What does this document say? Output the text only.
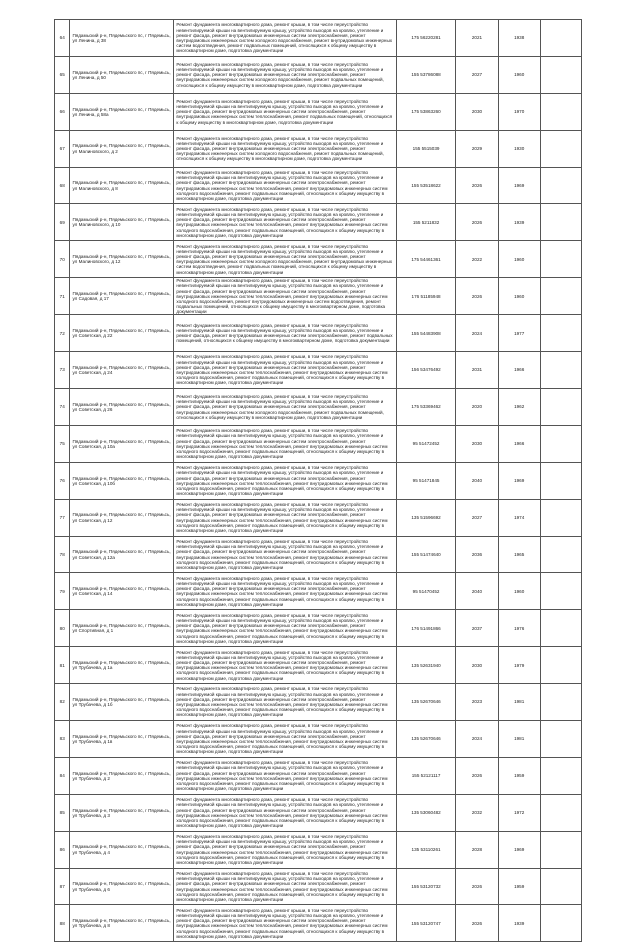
64	Пядамьский р-н, Пядемьского пс, г Пядемьсь, ул Ленина, д 38	Ремонт фундамента многоквартирного дома, ремонт крыши, в том числе переустройство невентилируемой крыши на вентилируемую крышу, устройство выходов на кровлю, утепление и ремонт фасада, ремонт внутридомовых инженерных систем электроснабжения, ремонт внутридомовых инженерных систем холодного водоснабжения, ремонт внутридомовых инженерных систем водоотведения, ремонт подвальных помещений, относящихся к общему имуществу в многоквартирном доме, подготовка документации	175 56220281	2021	1938	
65	Пядамьский р-н, Пядемьского пс, г Пядемьсь, ул Ленина, д 50	Ремонт фундамента многоквартирного дома, ремонт крыши, в том числе переустройство невентилируемой крыши на вентилируемую крышу, устройство выходов на кровлю, утепление и ремонт фасада, ремонт внутридомовых инженерных систем электроснабжения, ремонт внутридомовых инженерных систем холодного водоснабжения, ремонт подвальных помещений, относящихся к общему имуществу в многоквартирном доме, подготовка документации	155 53786088	2027	1960	
66	Пядамьский р-н, Пядемьского пс, г Пядемьсь, ул Ленина, д 58а	Ремонт фундамента многоквартирного дома, ремонт крыши, в том числе переустройство невентилируемой крыши на вентилируемую крышу, устройство выходов на кровлю, утепление и ремонт фасада, ремонт внутридомовых инженерных систем электроснабжения, ремонт внутридомовых инженерных систем теплоснабжения, ремонт подвальных помещений, относящихся к общему имуществу в многоквартирном доме, подготовка документации	175 53863260	2030	1970	
67	Пядамьский р-н, Пядемьского пс, г Пядемьсь, ул Малиновского, д 2	Ремонт фундамента многоквартирного дома, ремонт крыши, в том числе переустройство невентилируемой крыши на вентилируемую крышу, устройство выходов на кровлю, утепление и ремонт фасада, ремонт внутридомовых инженерных систем электроснабжения, ремонт внутридомовых инженерных систем холодного водоснабжения, ремонт подвальных помещений, относящихся к общему имуществу в многоквартирном доме, подготовка документации	155 5515039	2029	1930	
68	Пядамьский р-н, Пядемьского пс, г Пядемьсь, ул Малиновского, д 8	Ремонт фундамента многоквартирного дома, ремонт крыши, в том числе переустройство невентилируемой крыши на вентилируемую крышу, устройство выходов на кровлю, утепление и ремонт фасада, ремонт внутридомовых инженерных систем электроснабжения, ремонт внутридомовых инженерных систем теплоснабжения, ремонт внутридомовых инженерных систем холодного водоснабжения, ремонт подвальных помещений, относящихся к общему имуществу в многоквартирном доме, подготовка документации	155 53518622	2026	1969	
69	Пядамьский р-н, Пядемьского пс, г Пядемьсь, ул Малиновского, д 10	Ремонт фундамента многоквартирного дома, ремонт крыши, в том числе переустройство невентилируемой крыши на вентилируемую крышу, устройство выходов на кровлю, утепление и ремонт фасада, ремонт внутридомовых инженерных систем электроснабжения, ремонт внутридомовых инженерных систем теплоснабжения, ремонт внутридомовых инженерных систем холодного водоснабжения, ремонт подвальных помещений, относящихся к общему имуществу в многоквартирном доме, подготовка документации	155 5211832	2026	1939	
70	Пядамьский р-н, Пядемьского пс, г Пядемьсь, ул Малиновского, д 12	Ремонт фундамента многоквартирного дома, ремонт крыши, в том числе переустройство невентилируемой крыши на вентилируемую крышу, устройство выходов на кровлю, утепление и ремонт фасада, ремонт внутридомовых инженерных систем электроснабжения, ремонт внутридомовых инженерных систем холодного водоснабжения, ремонт внутридомовых инженерных систем водоотведения, ремонт подвальных помещений, относящихся к общему имуществу в многоквартирном доме, подготовка документации	175 54461361	2022	1960	
71	Пядамьский р-н, Пядемьского пс, г Пядемьсь, ул Садовая, д 17	Ремонт фундамента многоквартирного дома, ремонт крыши, в том числе переустройство невентилируемой крыши на вентилируемую крышу, устройство выходов на кровлю, утепление и ремонт фасада, ремонт внутридомовых инженерных систем электроснабжения, ремонт внутридомовых инженерных систем теплоснабжения, ремонт внутридомовых инженерных систем холодного водоснабжения, ремонт внутридомовых инженерных систем водоотведения, ремонт подвальных помещений, относящихся к общему имуществу в многоквартирном доме, подготовка документации	176 51185948	2026	1960	
72	Пядамьский р-н, Пядемьского пс, г Пядемьсь, ул Советская, д 22	Ремонт фундамента многоквартирного дома, ремонт крыши, в том числе переустройство невентилируемой крыши на вентилируемую крышу, устройство выходов на кровлю, утепление и ремонт фасада, ремонт внутридомовых инженерных систем электроснабжения, ремонт подвальных помещений, относящихся к общему имуществу в многоквартирном доме, подготовка документации	155 54483908	2024	1977	
73	Пядамьский р-н, Пядемьского пс, г Пядемьсь, ул Советская, д 24	Ремонт фундамента многоквартирного дома, ремонт крыши, в том числе переустройство невентилируемой крыши на вентилируемую крышу, устройство выходов на кровлю, утепление и ремонт фасада, ремонт внутридомовых инженерных систем электроснабжения, ремонт внутридомовых инженерных систем теплоснабжения, ремонт внутридомовых инженерных систем холодного водоснабжения, ремонт подвальных помещений, относящихся к общему имуществу в многоквартирном доме, подготовка документации	156 53476492	2031	1966	
74	Пядамьский р-н, Пядемьского пс, г Пядемьсь, ул Советская, д 26	Ремонт фундамента многоквартирного дома, ремонт крыши, в том числе переустройство невентилируемой крыши на вентилируемую крышу, устройство выходов на кровлю, утепление и ремонт фасада, ремонт внутридомовых инженерных систем электроснабжения, ремонт внутридомовых инженерных систем холодного водоснабжения, ремонт подвальных помещений, относящихся к общему имуществу в многоквартирном доме, подготовка документации	175 53369462	2020	1962	
75	Пядамьский р-н, Пядемьского пс, г Пядемьсь, ул Советская, д 10а	Ремонт фундамента многоквартирного дома, ремонт крыши, в том числе переустройство невентилируемой крыши на вентилируемую крышу, устройство выходов на кровлю, утепление и ремонт фасада, ремонт внутридомовых инженерных систем электроснабжения, ремонт внутридомовых инженерных систем теплоснабжения, ремонт внутридомовых инженерных систем холодного водоснабжения, ремонт подвальных помещений, относящихся к общему имуществу в многоквартирном доме, подготовка документации	95 51472452	2030	1966	
76	Пядамьский р-н, Пядемьского пс, г Пядемьсь, ул Советская, д 10б	Ремонт фундамента многоквартирного дома, ремонт крыши, в том числе переустройство невентилируемой крыши на вентилируемую крышу, устройство выходов на кровлю, утепление и ремонт фасада, ремонт внутридомовых инженерных систем электроснабжения, ремонт внутридомовых инженерных систем теплоснабжения, ремонт внутридомовых инженерных систем холодного водоснабжения, ремонт подвальных помещений, относящихся к общему имуществу в многоквартирном доме, подготовка документации	95 51471845	2040	1969	
77	Пядамьский р-н, Пядемьского пс, г Пядемьсь, ул Советская, д 12	Ремонт фундамента многоквартирного дома, ремонт крыши, в том числе переустройство невентилируемой крыши на вентилируемую крышу, устройство выходов на кровлю, утепление и ремонт фасада, ремонт внутридомовых инженерных систем электроснабжения, ремонт внутридомовых инженерных систем теплоснабжения, ремонт внутридомовых инженерных систем холодного водоснабжения, ремонт подвальных помещений, относящихся к общему имуществу в многоквартирном доме, подготовка документации	135 51596692	2027	1974	
78	Пядамьский р-н, Пядемьского пс, г Пядемьсь, ул Советская, д 12а	Ремонт фундамента многоквартирного дома, ремонт крыши, в том числе переустройство невентилируемой крыши на вентилируемую крышу, устройство выходов на кровлю, утепление и ремонт фасада, ремонт внутридомовых инженерных систем электроснабжения, ремонт внутридомовых инженерных систем теплоснабжения, ремонт внутридомовых инженерных систем холодного водоснабжения, ремонт подвальных помещений, относящихся к общему имуществу в многоквартирном доме, подготовка документации	155 51474640	2036	1965	
79	Пядамьский р-н, Пядемьского пс, г Пядемьсь, ул Советская, д 14	Ремонт фундамента многоквартирного дома, ремонт крыши, в том числе переустройство невентилируемой крыши на вентилируемую крышу, устройство выходов на кровлю, утепление и ремонт фасада, ремонт внутридомовых инженерных систем электроснабжения, ремонт внутридомовых инженерных систем теплоснабжения, ремонт внутридомовых инженерных систем холодного водоснабжения, ремонт подвальных помещений, относящихся к общему имуществу в многоквартирном доме, подготовка документации	95 51470452	2040	1960	
80	Пядамьский р-н, Пядемьского пс, г Пядемьсь, ул Спортивная, д 1	Ремонт фундамента многоквартирного дома, ремонт крыши, в том числе переустройство невентилируемой крыши на вентилируемую крышу, устройство выходов на кровлю, утепление и ремонт фасада, ремонт внутридомовых инженерных систем электроснабжения, ремонт внутридомовых инженерных систем теплоснабжения, ремонт внутридомовых инженерных систем холодного водоснабжения, ремонт подвальных помещений, относящихся к общему имуществу в многоквартирном доме, подготовка документации	176 51491866	2037	1976	
81	Пядамьский р-н, Пядемьского пс, г Пядемьсь, ул Трубачева, д 1а	Ремонт фундамента многоквартирного дома, ремонт крыши, в том числе переустройство невентилируемой крыши на вентилируемую крышу, устройство выходов на кровлю, утепление и ремонт фасада, ремонт внутридомовых инженерных систем электроснабжения, ремонт внутридомовых инженерных систем теплоснабжения, ремонт внутридомовых инженерных систем холодного водоснабжения, ремонт подвальных помещений, относящихся к общему имуществу в многоквартирном доме, подготовка документации	135 52631940	2030	1979	
82	Пядамьский р-н, Пядемьского пс, г Пядемьсь, ул Трубачева, д 1б	Ремонт фундамента многоквартирного дома, ремонт крыши, в том числе переустройство невентилируемой крыши на вентилируемую крышу, устройство выходов на кровлю, утепление и ремонт фасада, ремонт внутридомовых инженерных систем электроснабжения, ремонт внутридомовых инженерных систем теплоснабжения, ремонт внутридомовых инженерных систем холодного водоснабжения, ремонт подвальных помещений, относящихся к общему имуществу в многоквартирном доме, подготовка документации	135 52670646	2023	1981	
83	Пядамьский р-н, Пядемьского пс, г Пядемьсь, ул Трубачева, д 1в	Ремонт фундамента многоквартирного дома, ремонт крыши, в том числе переустройство невентилируемой крыши на вентилируемую крышу, устройство выходов на кровлю, утепление и ремонт фасада, ремонт внутридомовых инженерных систем электроснабжения, ремонт внутридомовых инженерных систем теплоснабжения, ремонт внутридомовых инженерных систем холодного водоснабжения, ремонт подвальных помещений, относящихся к общему имуществу в многоквартирном доме, подготовка документации	135 52670646	2024	1981	
84	Пядамьский р-н, Пядемьского пс, г Пядемьсь, ул Трубачева, д 2	Ремонт фундамента многоквартирного дома, ремонт крыши, в том числе переустройство невентилируемой крыши на вентилируемую крышу, устройство выходов на кровлю, утепление и ремонт фасада, ремонт внутридомовых инженерных систем электроснабжения, ремонт внутридомовых инженерных систем теплоснабжения, ремонт внутридомовых инженерных систем холодного водоснабжения, ремонт подвальных помещений, относящихся к общему имуществу в многоквартирном доме, подготовка документации	155 52121117	2026	1959	
85	Пядамьский р-н, Пядемьского пс, г Пядемьсь, ул Трубачева, д 3	Ремонт фундамента многоквартирного дома, ремонт крыши, в том числе переустройство невентилируемой крыши на вентилируемую крышу, устройство выходов на кровлю, утепление и ремонт фасада, ремонт внутридомовых инженерных систем электроснабжения, ремонт внутридомовых инженерных систем теплоснабжения, ремонт внутридомовых инженерных систем холодного водоснабжения, ремонт подвальных помещений, относящихся к общему имуществу в многоквартирном доме, подготовка документации	135 53060482	2032	1972	
86	Пядамьский р-н, Пядемьского пс, г Пядемьсь, ул Трубачева, д 4	Ремонт фундамента многоквартирного дома, ремонт крыши, в том числе переустройство невентилируемой крыши на вентилируемую крышу, устройство выходов на кровлю, утепление и ремонт фасада, ремонт внутридомовых инженерных систем электроснабжения, ремонт внутридомовых инженерных систем теплоснабжения, ремонт внутридомовых инженерных систем холодного водоснабжения, ремонт подвальных помещений, относящихся к общему имуществу в многоквартирном доме, подготовка документации	135 53110261	2028	1969	
87	Пядамьский р-н, Пядемьского пс, г Пядемьсь, ул Трубачева, д 6	Ремонт фундамента многоквартирного дома, ремонт крыши, в том числе переустройство невентилируемой крыши на вентилируемую крышу, устройство выходов на кровлю, утепление и ремонт фасада, ремонт внутридомовых инженерных систем электроснабжения, ремонт внутридомовых инженерных систем теплоснабжения, ремонт внутридомовых инженерных систем холодного водоснабжения, ремонт подвальных помещений, относящихся к общему имуществу в многоквартирном доме, подготовка документации	155 53120732	2026	1959	
88	Пядамьский р-н, Пядемьского пс, г Пядемьсь, ул Трубачева, д 8	Ремонт фундамента многоквартирного дома, ремонт крыши, в том числе переустройство невентилируемой крыши на вентилируемую крышу, устройство выходов на кровлю, утепление и ремонт фасада, ремонт внутридомовых инженерных систем электроснабжения, ремонт внутридомовых инженерных систем теплоснабжения, ремонт внутридомовых инженерных систем холодного водоснабжения, ремонт подвальных помещений, относящихся к общему имуществу в многоквартирном доме, подготовка документации	155 53120747	2026	1939	
